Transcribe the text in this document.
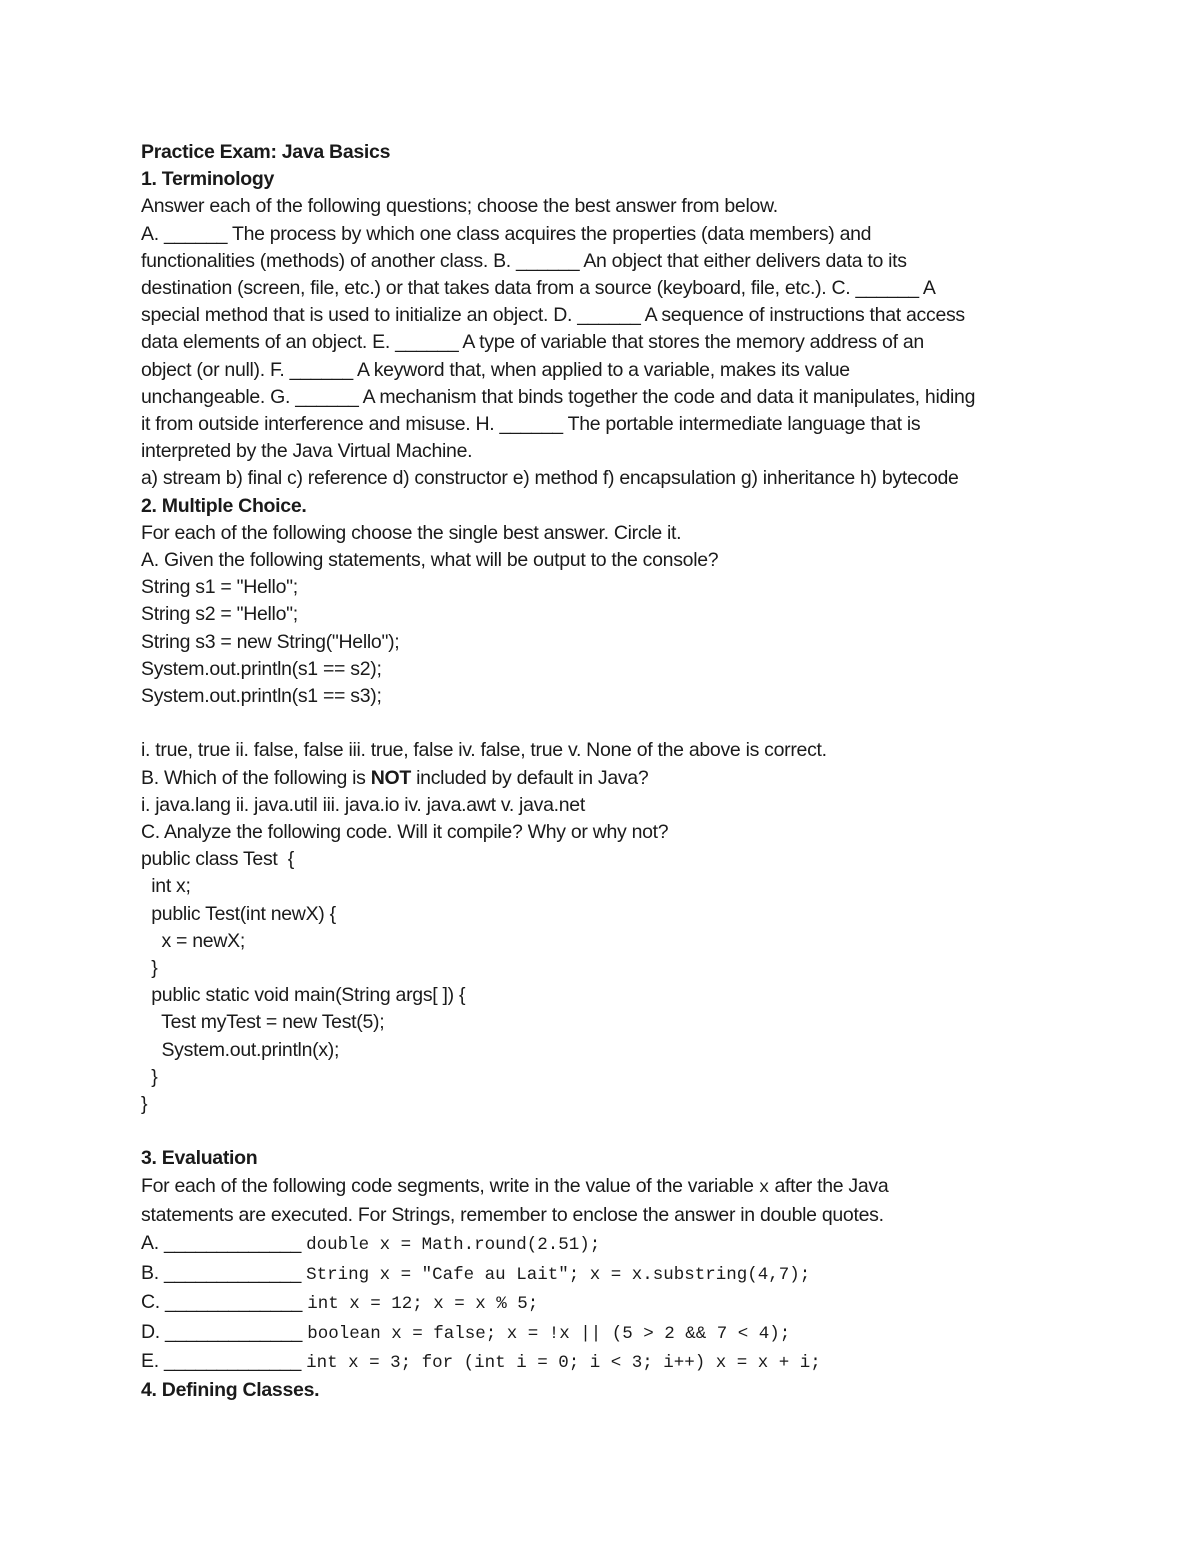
Practice Exam: Java Basics
1. Terminology
Answer each of the following questions; choose the best answer from below.
A. ______ The process by which one class acquires the properties (data members) and
functionalities (methods) of another class. B. ______ An object that either delivers data to its
destination (screen, file, etc.) or that takes data from a source (keyboard, file, etc.). C. ______ A
special method that is used to initialize an object. D. ______ A sequence of instructions that access
data elements of an object. E. ______ A type of variable that stores the memory address of an
object (or null). F. ______ A keyword that, when applied to a variable, makes its value
unchangeable. G. ______ A mechanism that binds together the code and data it manipulates, hiding
it from outside interference and misuse. H. ______ The portable intermediate language that is
interpreted by the Java Virtual Machine.
a) stream b) final c) reference d) constructor e) method f) encapsulation g) inheritance h) bytecode
2. Multiple Choice.
For each of the following choose the single best answer. Circle it.
A. Given the following statements, what will be output to the console?
String s1 = "Hello";
String s2 = "Hello";
String s3 = new String("Hello");
System.out.println(s1 == s2);
System.out.println(s1 == s3);
i. true, true ii. false, false iii. true, false iv. false, true v. None of the above is correct.
B. Which of the following is NOT included by default in Java?
i. java.lang ii. java.util iii. java.io iv. java.awt v. java.net
C. Analyze the following code. Will it compile? Why or why not?
public class Test  {
int x;
public Test(int newX) {
x = newX;
}
public static void main(String args[ ]) {
Test myTest = new Test(5);
System.out.println(x);
}
}
3. Evaluation
For each of the following code segments, write in the value of the variable x after the Java
statements are executed. For Strings, remember to enclose the answer in double quotes.
A. _____________ double x = Math.round(2.51);
B. _____________ String x = "Cafe au Lait"; x = x.substring(4,7);
C. _____________ int x = 12; x = x % 5;
D. _____________ boolean x = false; x = !x || (5 > 2 && 7 < 4);
E. _____________ int x = 3; for (int i = 0; i < 3; i++) x = x + i;
4. Defining Classes.
